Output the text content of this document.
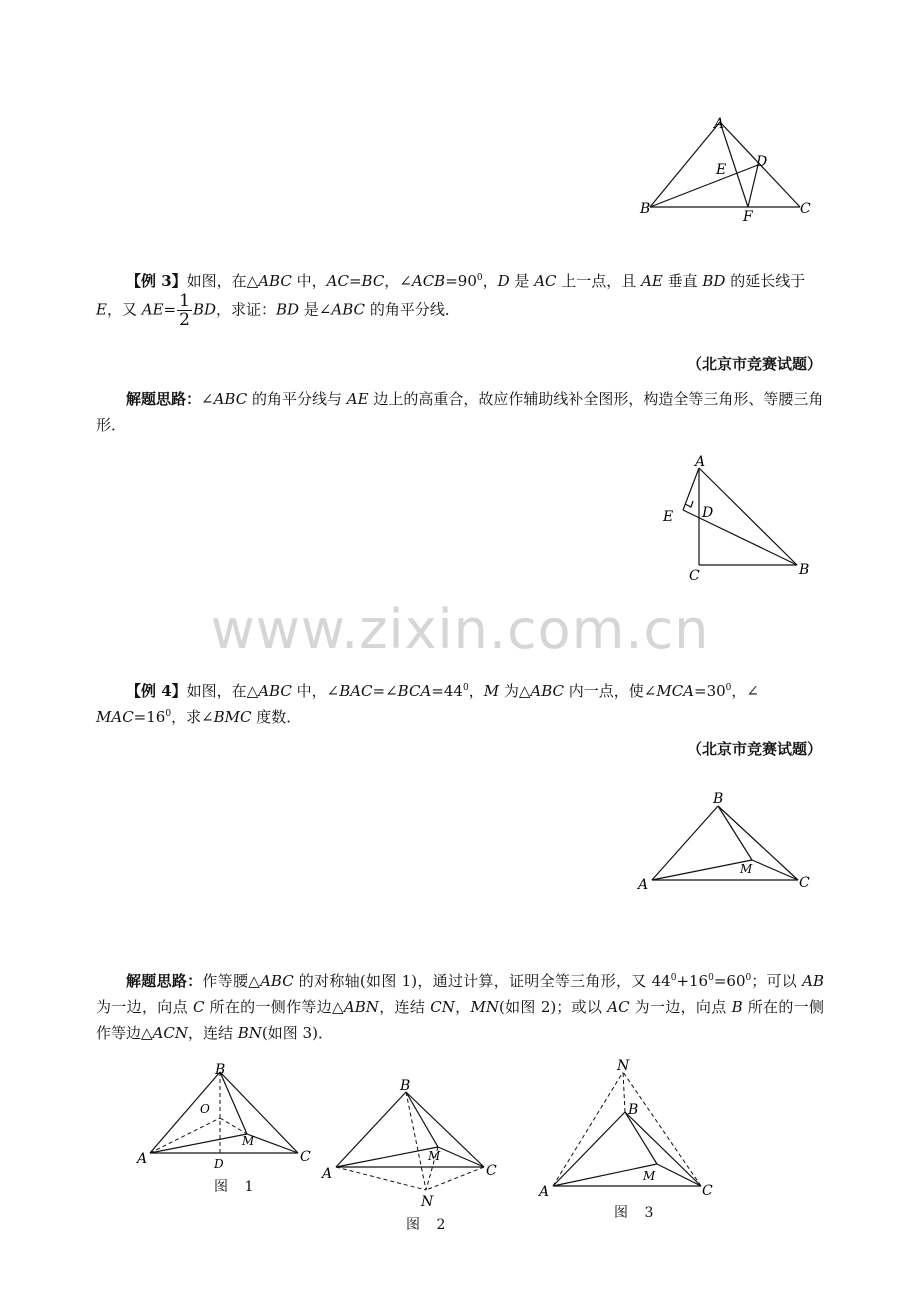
A
B	C
D
E
F
【例 3】如图，在△ABC 中，AC=BC，$\angle ACB=90^0$，D 是 AC 上一点，且 AE 垂直 BD 的延长线于
E，又 $AE= \frac{1}{2}$ BD，求证：BD 是∠ABC 的角平分线．
（北京市竞赛试题）
解题思路：∠ABC 的角平分线与 AE 边上的高重合，故应作辅助线补全图形，构造全等三角形、等腰三角形．
A
E D
C	B
www.zixin.com.cn
【例 4】如图，在△ABC 中，$\angle BAC=\angle BCA=44^0$，M 为△ABC 内一点，使$\angle MCA=30^0$，∠
$MAC=16^0$，求∠BMC 度数．
（北京市竞赛试题）
B
A	C
M
解题思路：作等腰△ABC 的对称轴(如图 1)，通过计算，证明全等三角形，又 $44^0+16^0=60^0$；可以 AB为一边，向点 C 所在的一侧作等边△ABN，连结 CN，MN(如图 2)；或以 AC 为一边，向点 B 所在的一侧作等边△ACN，连结 BN(如图 3)．
B
A	C
O
M
D
图 1
B
A	C
M
N
图 2
N
B
A	C
M
图 3
